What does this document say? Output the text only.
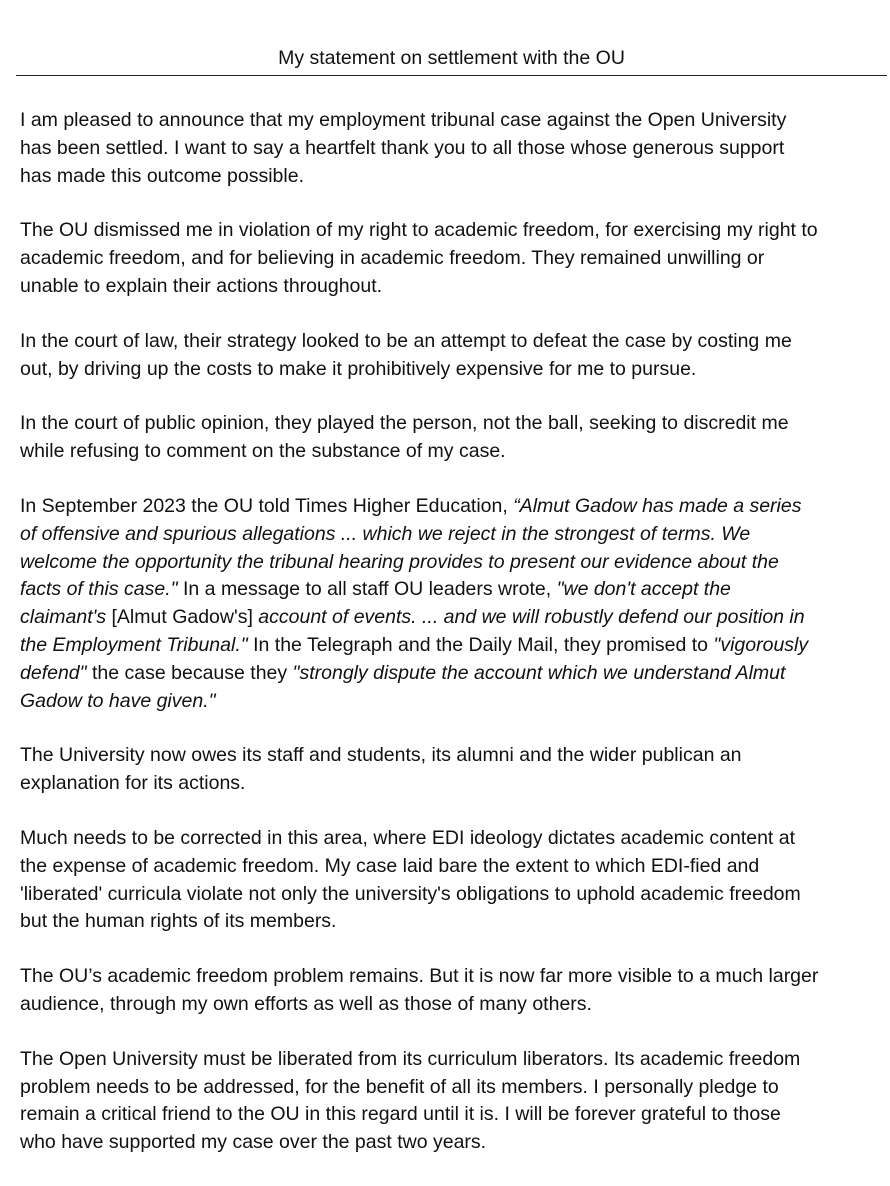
My statement on settlement with the OU
I am pleased to announce that my employment tribunal case against the Open University
has been settled. I want to say a heartfelt thank you to all those whose generous support
has made this outcome possible.
The OU dismissed me in violation of my right to academic freedom, for exercising my right to
academic freedom, and for believing in academic freedom. They remained unwilling or
unable to explain their actions throughout.
In the court of law, their strategy looked to be an attempt to defeat the case by costing me
out, by driving up the costs to make it prohibitively expensive for me to pursue.
In the court of public opinion, they played the person, not the ball, seeking to discredit me
while refusing to comment on the substance of my case.
In September 2023 the OU told Times Higher Education, “Almut Gadow has made a series
of offensive and spurious allegations ... which we reject in the strongest of terms. We
welcome the opportunity the tribunal hearing provides to present our evidence about the
facts of this case." In a message to all staff OU leaders wrote, "we don't accept the
claimant's [Almut Gadow's] account of events. ... and we will robustly defend our position in
the Employment Tribunal." In the Telegraph and the Daily Mail, they promised to "vigorously
defend" the case because they "strongly dispute the account which we understand Almut
Gadow to have given."
The University now owes its staff and students, its alumni and the wider publican an
explanation for its actions.
Much needs to be corrected in this area, where EDI ideology dictates academic content at
the expense of academic freedom. My case laid bare the extent to which EDI-fied and
'liberated' curricula violate not only the university's obligations to uphold academic freedom
but the human rights of its members.
The OU’s academic freedom problem remains. But it is now far more visible to a much larger
audience, through my own efforts as well as those of many others.
The Open University must be liberated from its curriculum liberators. Its academic freedom
problem needs to be addressed, for the benefit of all its members. I personally pledge to
remain a critical friend to the OU in this regard until it is. I will be forever grateful to those
who have supported my case over the past two years.
